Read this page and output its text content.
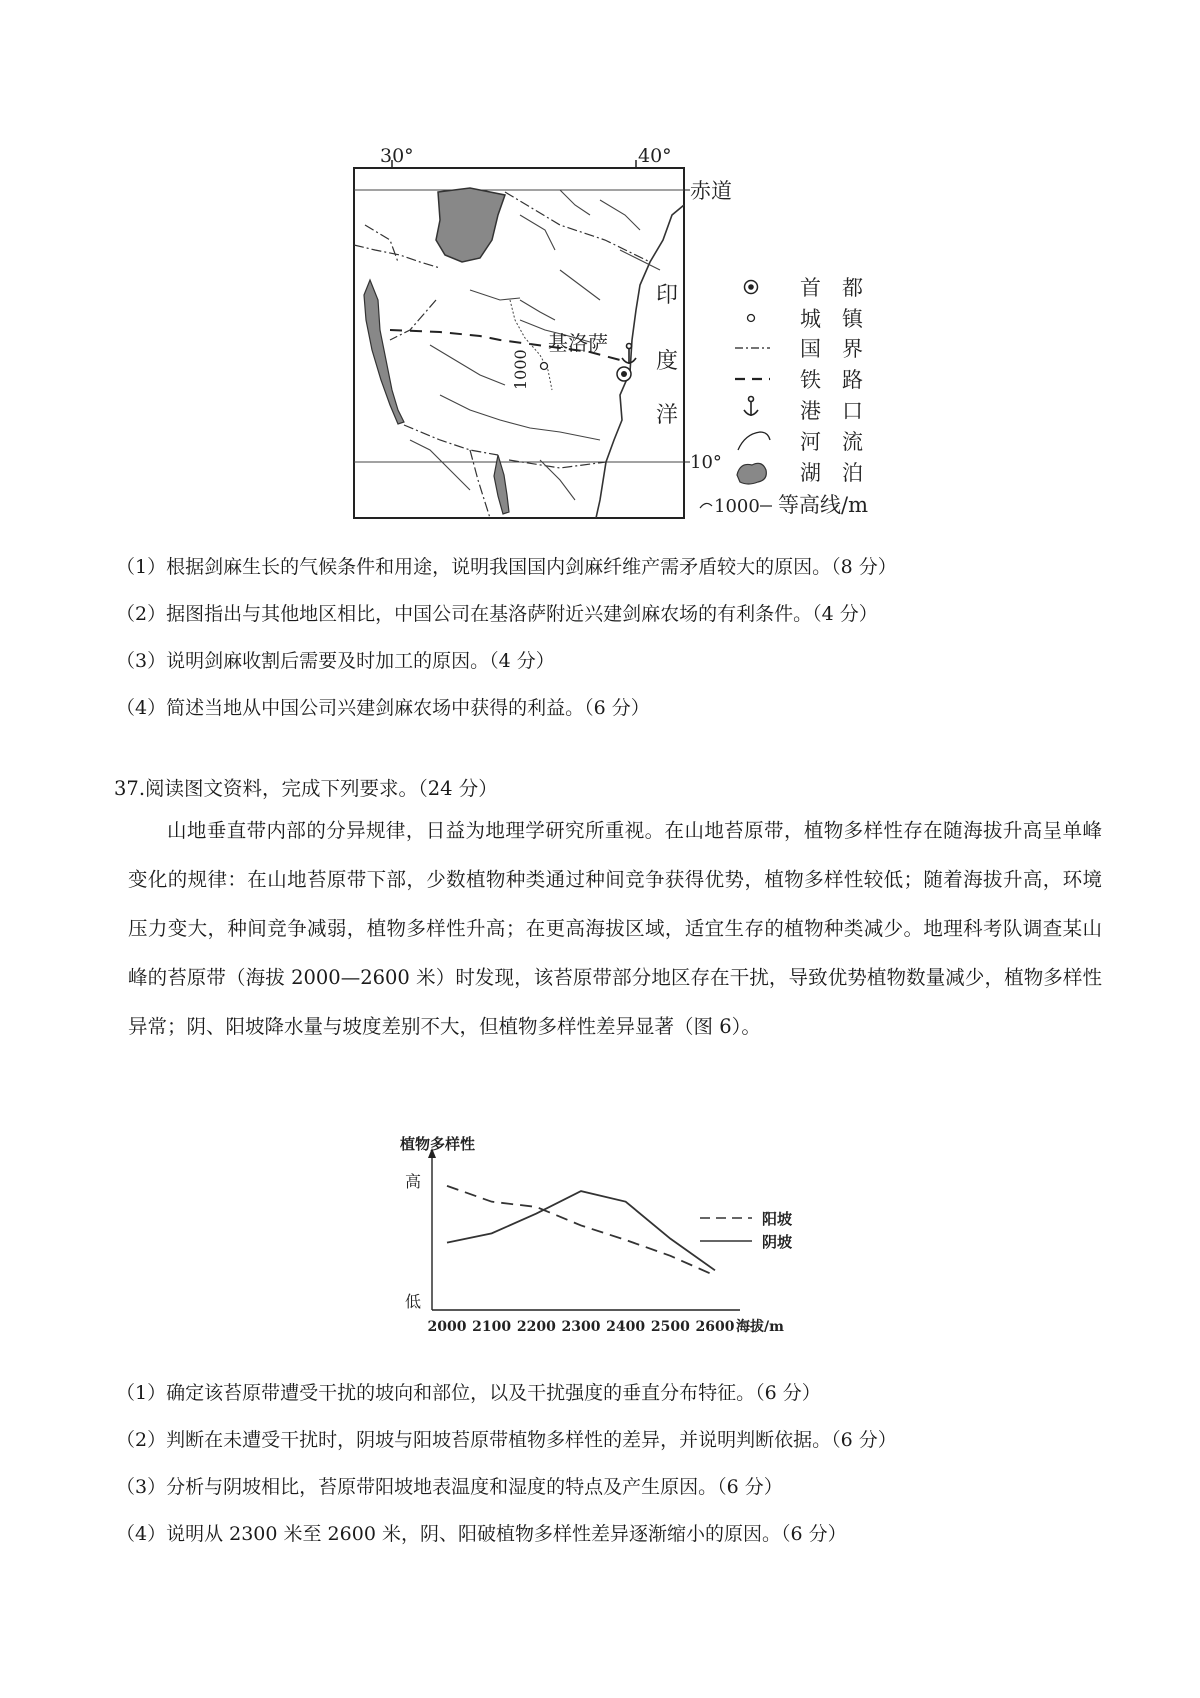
30°	40°
赤道
10°
印
度
洋
基洛萨
1000
首　都
城　镇
国　界
铁　路
港　口
河　流
湖　泊
1000 等高线/m
（1）根据剑麻生长的气候条件和用途，说明我国国内剑麻纤维产需矛盾较大的原因。（8 分）
（2）据图指出与其他地区相比，中国公司在基洛萨附近兴建剑麻农场的有利条件。（4 分）
（3）说明剑麻收割后需要及时加工的原因。（4 分）
（4）简述当地从中国公司兴建剑麻农场中获得的利益。（6 分）
37.阅读图文资料，完成下列要求。（24 分）

山地垂直带内部的分异规律，日益为地理学研究所重视。在山地苔原带，植物多样性存在随海拔升高呈单峰变化的规律：在山地苔原带下部，少数植物种类通过种间竞争获得优势，植物多样性较低；随着海拔升高，环境压力变大，种间竞争减弱，植物多样性升高；在更高海拔区域，适宜生存的植物种类减少。地理科考队调查某山峰的苔原带（海拔 2000—2600 米）时发现，该苔原带部分地区存在干扰，导致优势植物数量减少，植物多样性异常；阴、阳坡降水量与坡度差别不大，但植物多样性差异显著（图 6）。

植物多样性
高
低
海拔/m
2000 2100 2200 2300 2400 2500 2600
阳坡
阴坡
（1）确定该苔原带遭受干扰的坡向和部位，以及干扰强度的垂直分布特征。（6 分）
（2）判断在未遭受干扰时，阴坡与阳坡苔原带植物多样性的差异，并说明判断依据。（6 分）
（3）分析与阴坡相比，苔原带阳坡地表温度和湿度的特点及产生原因。（6 分）
（4）说明从 2300 米至 2600 米，阴、阳破植物多样性差异逐渐缩小的原因。（6 分）
